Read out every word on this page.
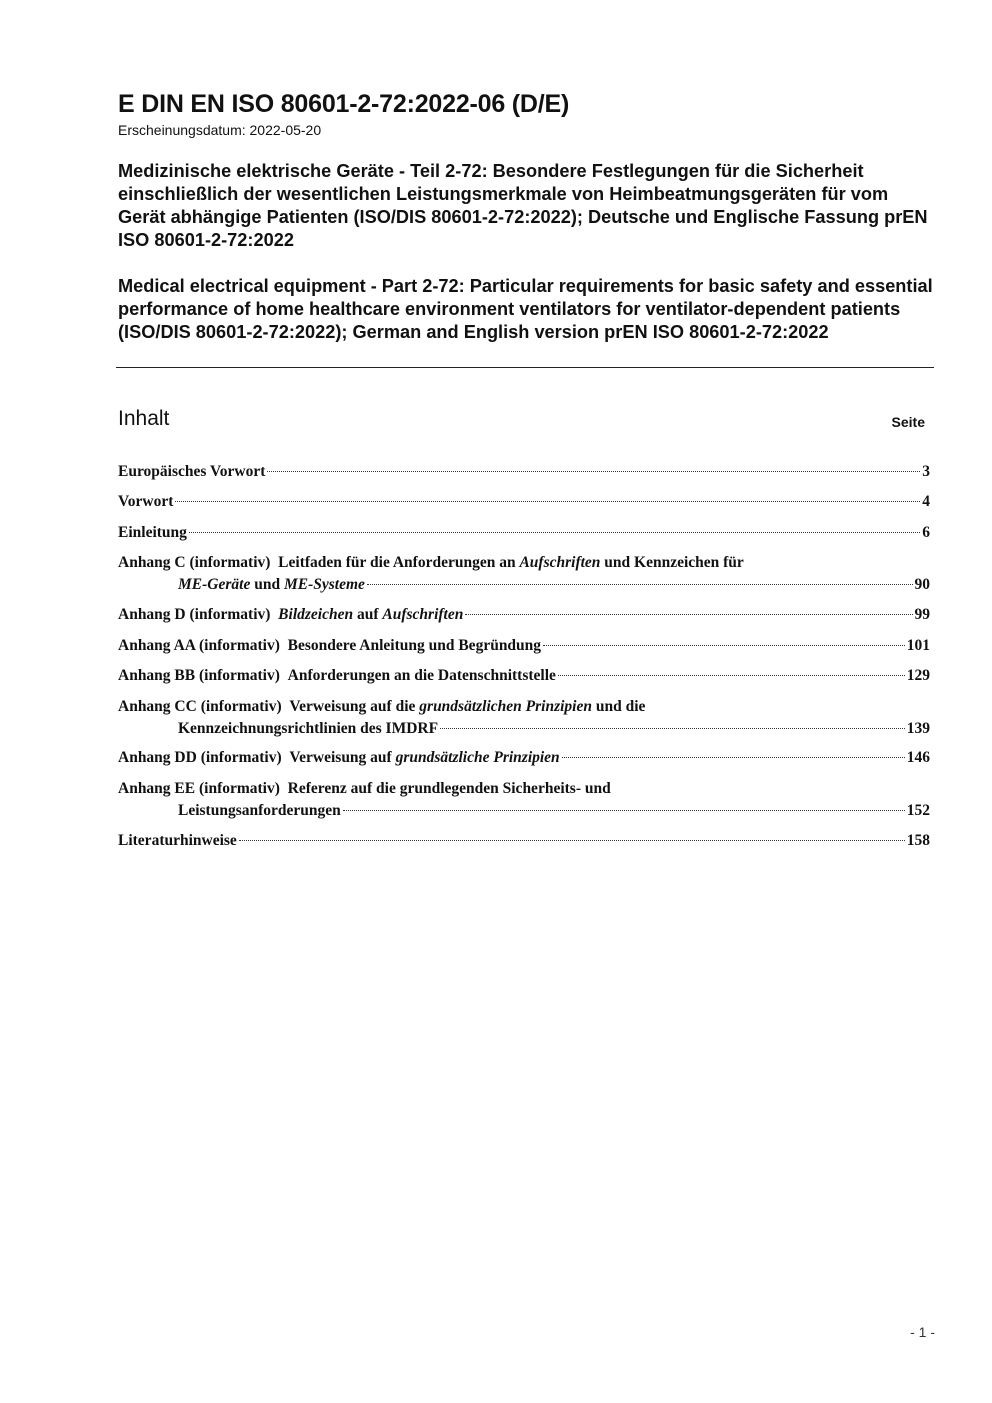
E DIN EN ISO 80601-2-72:2022-06 (D/E)
Erscheinungsdatum: 2022-05-20
Medizinische elektrische Geräte - Teil 2-72: Besondere Festlegungen für die Sicherheit einschließlich der wesentlichen Leistungsmerkmale von Heimbeatmungsgeräten für vom Gerät abhängige Patienten (ISO/DIS 80601-2-72:2022); Deutsche und Englische Fassung prEN ISO 80601-2-72:2022
Medical electrical equipment - Part 2-72: Particular requirements for basic safety and essential performance of home healthcare environment ventilators for ventilator-dependent patients (ISO/DIS 80601-2-72:2022); German and English version prEN ISO 80601-2-72:2022
Inhalt	Seite
Europäisches Vorwort	3
Vorwort	4
Einleitung	6
Anhang C (informativ) Leitfaden für die Anforderungen an Aufschriften und Kennzeichen für
ME-Geräte und ME-Systeme	90
Anhang D (informativ) Bildzeichen auf Aufschriften	99
Anhang AA (informativ) Besondere Anleitung und Begründung	101
Anhang BB (informativ) Anforderungen an die Datenschnittstelle	129
Anhang CC (informativ) Verweisung auf die grundsätzlichen Prinzipien und die
Kennzeichnungsrichtlinien des IMDRF	139
Anhang DD (informativ) Verweisung auf grundsätzliche Prinzipien	146
Anhang EE (informativ) Referenz auf die grundlegenden Sicherheits- und
Leistungsanforderungen	152
Literaturhinweise	158
- 1 -
